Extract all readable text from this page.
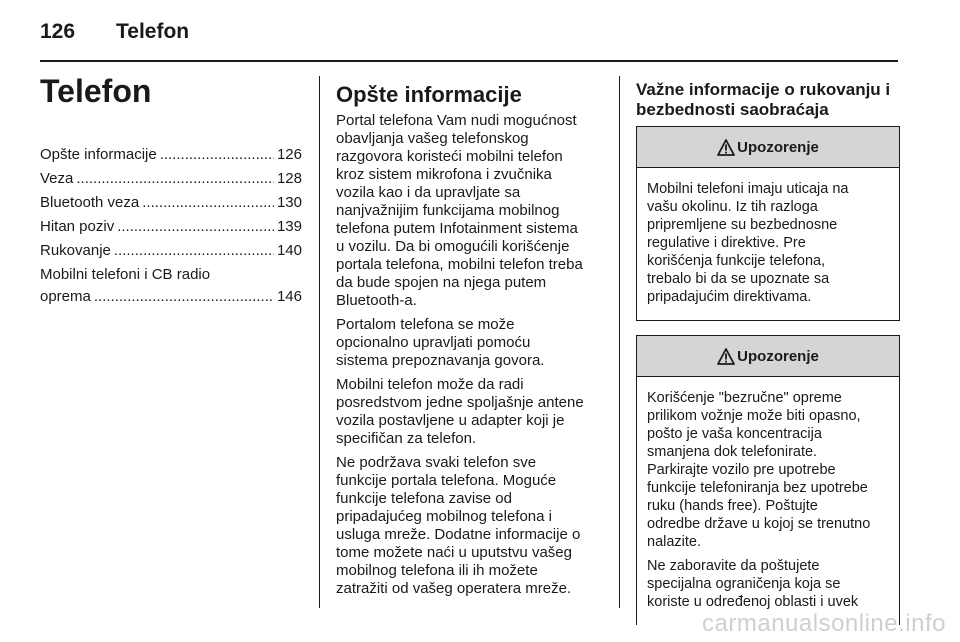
126 Telefon
Telefon
Opšte informacije .....	126
Veza .....	128
Bluetooth veza .....	130
Hitan poziv .....	139
Rukovanje .....	140
Mobilni telefoni i CB radio
oprema .....	146
Opšte informacije
Portal telefona Vam nudi mogućnost
obavljanja vašeg telefonskog
razgovora koristeći mobilni telefon
kroz sistem mikrofona i zvučnika
vozila kao i da upravljate sa
nanjvažnijim funkcijama mobilnog
telefona putem Infotainment sistema
u vozilu. Da bi omogućili korišćenje
portala telefona, mobilni telefon treba
da bude spojen na njega putem
Bluetooth-a.
Portalom telefona se može
opcionalno upravljati pomoću
sistema prepoznavanja govora.
Mobilni telefon može da radi
posredstvom jedne spoljašnje antene
vozila postavljene u adapter koji je
specifičan za telefon.
Ne podržava svaki telefon sve
funkcije portala telefona. Moguće
funkcije telefona zavise od
pripadajućeg mobilnog telefona i
usluga mreže. Dodatne informacije o
tome možete naći u uputstvu vašeg
mobilnog telefona ili ih možete
zatražiti od vašeg operatera mreže.
Važne informacije o rukovanju i
bezbednosti saobraćaja
Upozorenje
Mobilni telefoni imaju uticaja na
vašu okolinu. Iz tih razloga
pripremljene su bezbednosne
regulative i direktive. Pre
korišćenja funkcije telefona,
trebalo bi da se upoznate sa
pripadajućim direktivama.
Upozorenje
Korišćenje "bezručne" opreme
prilikom vožnje može biti opasno,
pošto je vaša koncentracija
smanjena dok telefonirate.
Parkirajte vozilo pre upotrebe
funkcije telefoniranja bez upotrebe
ruku (hands free). Poštujte
odredbe države u kojoj se trenutno
nalazite.
Ne zaboravite da poštujete
specijalna ograničenja koja se
koriste u određenoj oblasti i uvek
carmanualsonline.info
